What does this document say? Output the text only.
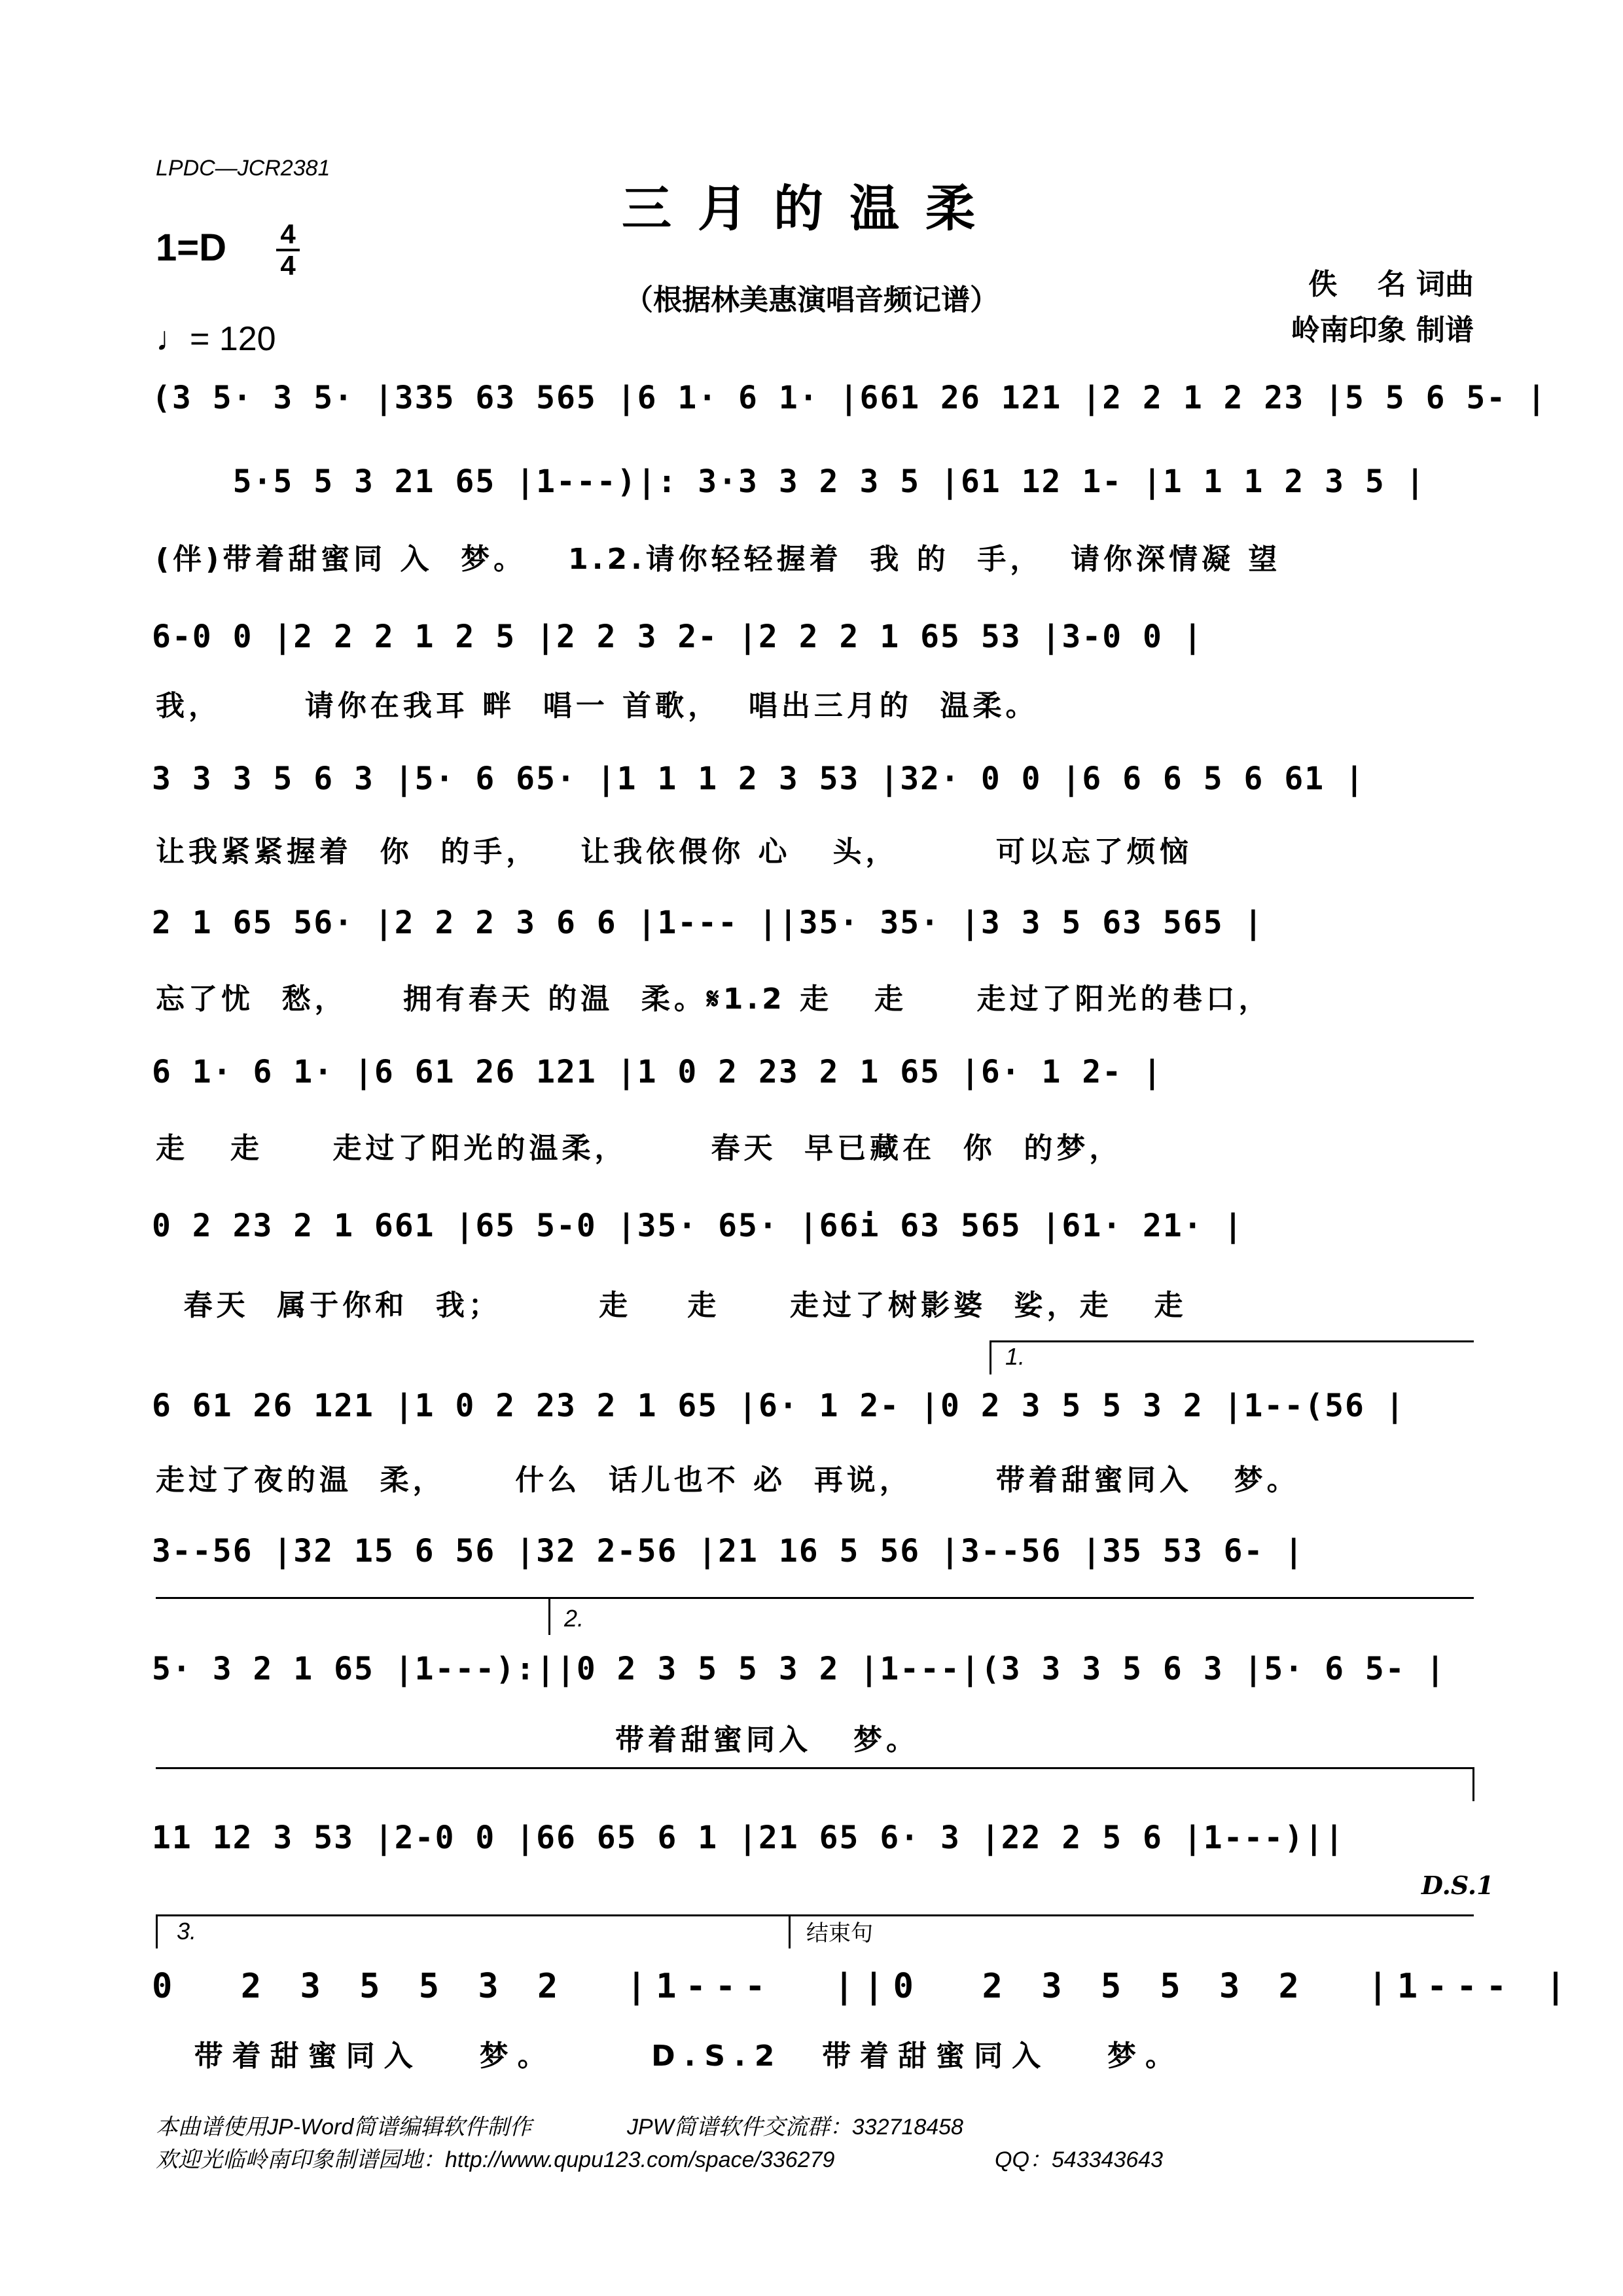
LPDC—JCR2381
三月的温柔
1=D 4
4
♩= 120
（根据林美惠演唱音频记谱）	佚    名 词曲
岭南印象 制谱
(3 5· 3 5· |335 63 565 |6 1· 6 1· |661 26 121 |2 2 1 2 23 |5 5 6 5- |
5·5 5 3 21 65 |1---)|: 3·3 3 2 3 5 |61 12 1- |1 1 1 2 3 5 |
(伴)带着甜蜜同 入  梦。   1.2.请你轻轻握着  我 的  手，  请你深情凝 望
6-0 0 |2 2 2 1 2 5 |2 2 3 2- |2 2 2 1 65 53 |3-0 0 |
我，      请你在我耳 畔  唱一 首歌，  唱出三月的  温柔。
3 3 3 5 6 3 |5· 6 65· |1 1 1 2 3 53 |32· 0 0 |6 6 6 5 6 61 |
让我紧紧握着  你  的手，   让我依偎你 心   头，       可以忘了烦恼
2 1 65 56· |2 2 2 3 6 6 |1--- ||35· 35· |3 3 5 63 565 |
忘了忧  愁，    拥有春天 的温  柔。𝄋1.2 走   走     走过了阳光的巷口，
6 1· 6 1· |6 61 26 121 |1 0 2 23 2 1 65 |6· 1 2- |
走   走     走过了阳光的温柔，      春天  早已藏在  你  的梦，
0 2 23 2 1 661 |65 5-0 |35· 65· |66i 63 565 |61· 21· |
春天  属于你和  我；       走    走     走过了树影婆  娑，走   走
1.
6 61 26 121 |1 0 2 23 2 1 65 |6· 1 2- |0 2 3 5 5 3 2 |1--(56 |
走过了夜的温  柔，     什么  话儿也不 必  再说，      带着甜蜜同入   梦。
3--56 |32 15 6 56 |32 2-56 |21 16 5 56 |3--56 |35 53 6- |
2.
5· 3 2 1 65 |1---):||0 2 3 5 5 3 2 |1---|(3 3 3 5 6 3 |5· 6 5- |
带着甜蜜同入   梦。
11 12 3 53 |2-0 0 |66 65 6 1 |21 65 6· 3 |22 2 5 6 |1---)||
D.S.1
3.	结束句
0  2 3 5 5 3 2  |1---  ||0  2 3 5 5 3 2  |1--- |
带着甜蜜同入   梦。     D.S.2  带着甜蜜同入   梦。
本曲谱使用JP-Word简谱编辑软件制作	JPW简谱软件交流群：332718458
欢迎光临岭南印象制谱园地：http://www.qupu123.com/space/336279	QQ：543343643
